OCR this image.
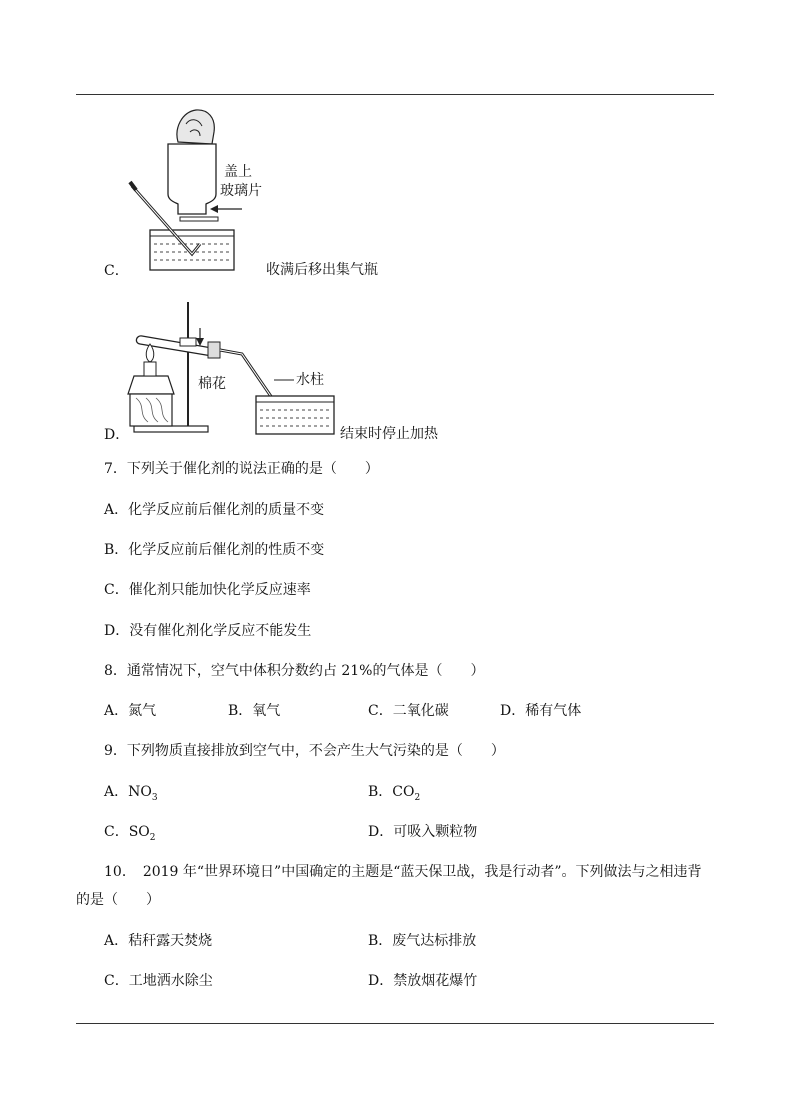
C．
盖上
玻璃片
收满后移出集气瓶
D．
棉花	水柱
结束时停止加热
7．下列关于催化剂的说法正确的是（　　）
A．化学反应前后催化剂的质量不变
B．化学反应前后催化剂的性质不变
C．催化剂只能加快化学反应速率
D．没有催化剂化学反应不能发生
8．通常情况下，空气中体积分数约占 21%的气体是（　　）
A．氮气	B．氧气	C．二氧化碳	D．稀有气体
9．下列物质直接排放到空气中，不会产生大气污染的是（　　）
A．$NO_3$	B．$CO_2$
C．$SO_2$	D．可吸入颗粒物
10．　2019 年“世界环境日”中国确定的主题是“蓝天保卫战，我是行动者”。下列做法与之相违背
的是（　　）
A．秸秆露天焚烧	B．废气达标排放
C．工地洒水除尘	D．禁放烟花爆竹
